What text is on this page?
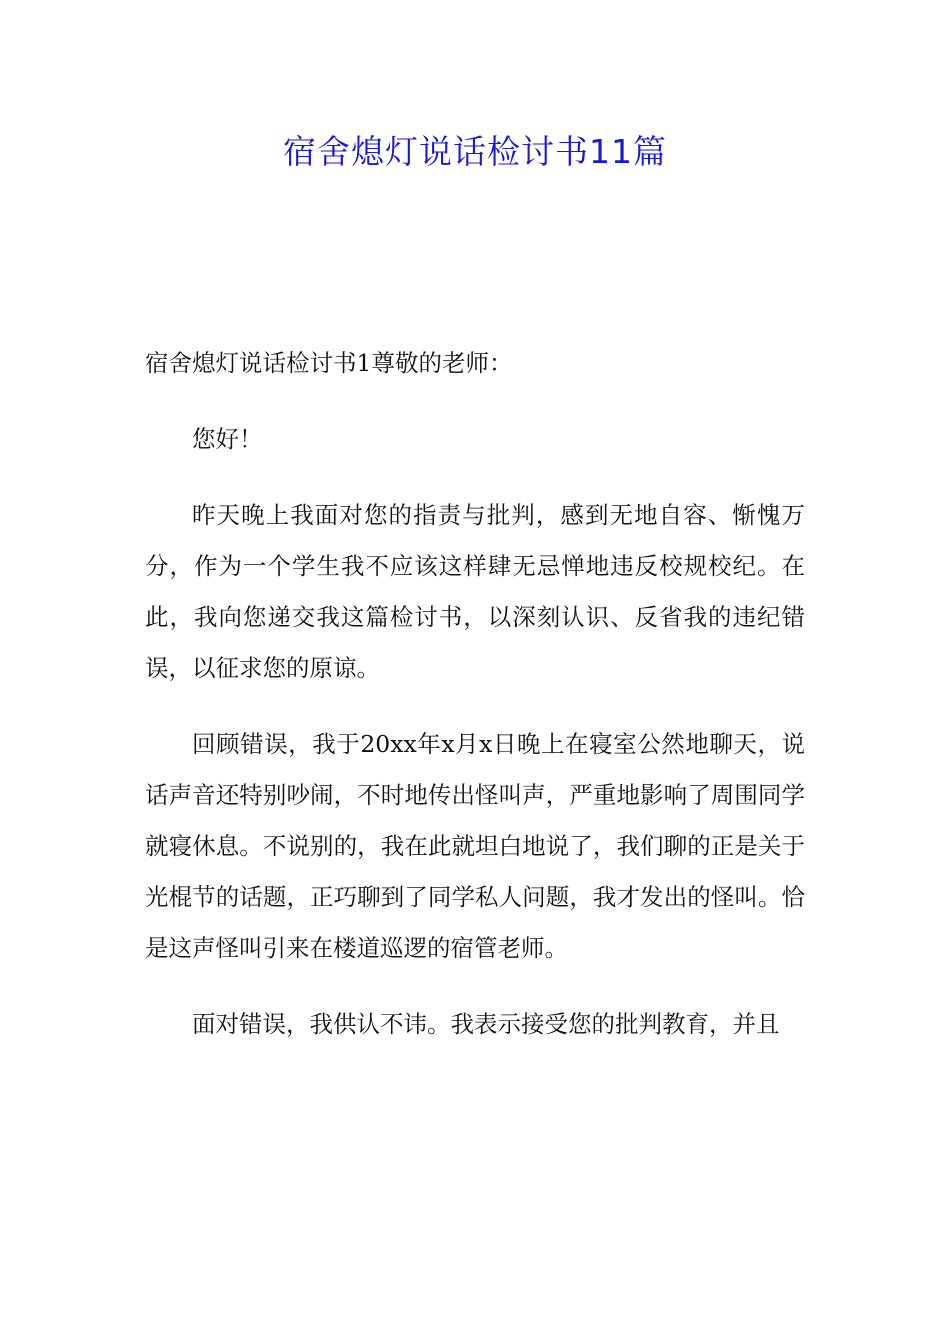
宿舍熄灯说话检讨书11篇

宿舍熄灯说话检讨书1尊敬的老师：

您好！

昨天晚上我面对您的指责与批判，感到无地自容、惭愧万分，作为一个学生我不应该这样肆无忌惮地违反校规校纪。在此，我向您递交我这篇检讨书，以深刻认识、反省我的违纪错误，以征求您的原谅。

回顾错误，我于20xx年x月x日晚上在寝室公然地聊天，说话声音还特别吵闹，不时地传出怪叫声，严重地影响了周围同学就寝休息。不说别的，我在此就坦白地说了，我们聊的正是关于光棍节的话题，正巧聊到了同学私人问题，我才发出的怪叫。恰是这声怪叫引来在楼道巡逻的宿管老师。

面对错误，我供认不讳。我表示接受您的批判教育，并且
